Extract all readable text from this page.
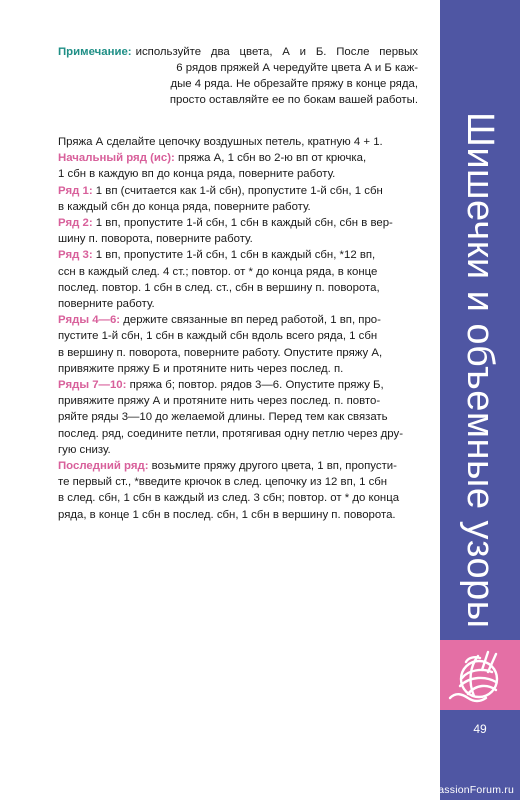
Примечание: используйте два цвета, А и Б. После первых
6 рядов пряжей А чередуйте цвета А и Б каж-
дые 4 ряда. Не обрезайте пряжу в конце ряда,
просто оставляйте ее по бокам вашей работы.

Пряжа А сделайте цепочку воздушных петель, кратную 4 + 1.

Начальный ряд (ис): пряжа А, 1 сбн во 2-ю вп от крючка,
1 сбн в каждую вп до конца ряда, поверните работу.

Ряд 1: 1 вп (считается как 1-й сбн), пропустите 1-й сбн, 1 сбн
в каждый сбн до конца ряда, поверните работу.

Ряд 2: 1 вп, пропустите 1-й сбн, 1 сбн в каждый сбн, сбн в вер-
шину п. поворота, поверните работу.

Ряд 3: 1 вп, пропустите 1-й сбн, 1 сбн в каждый сбн, *12 вп,
ссн в каждый след. 4 ст.; повтор. от * до конца ряда, в конце
послед. повтор. 1 сбн в след. ст., сбн в вершину п. поворота,
поверните работу.

Ряды 4—6: держите связанные вп перед работой, 1 вп, про-
пустите 1-й сбн, 1 сбн в каждый сбн вдоль всего ряда, 1 сбн
в вершину п. поворота, поверните работу. Опустите пряжу А,
привяжите пряжу Б и протяните нить через послед. п.

Ряды 7—10: пряжа б; повтор. рядов 3—6. Опустите пряжу Б,
привяжите пряжу А и протяните нить через послед. п. повто-
ряйте ряды 3—10 до желаемой длины. Перед тем как связать
послед. ряд, соедините петли, протягивая одну петлю через дру-
гую снизу.

Последний ряд: возьмите пряжу другого цвета, 1 вп, пропусти-
те первый ст., *введите крючок в след. цепочку из 12 вп, 1 сбн
в след. сбн, 1 сбн в каждый из след. 3 сбн; повтор. от * до конца
ряда, в конце 1 сбн в послед. сбн, 1 сбн в вершину п. поворота.	Шишечки и объемные узоры
49
PassionForum.ru
